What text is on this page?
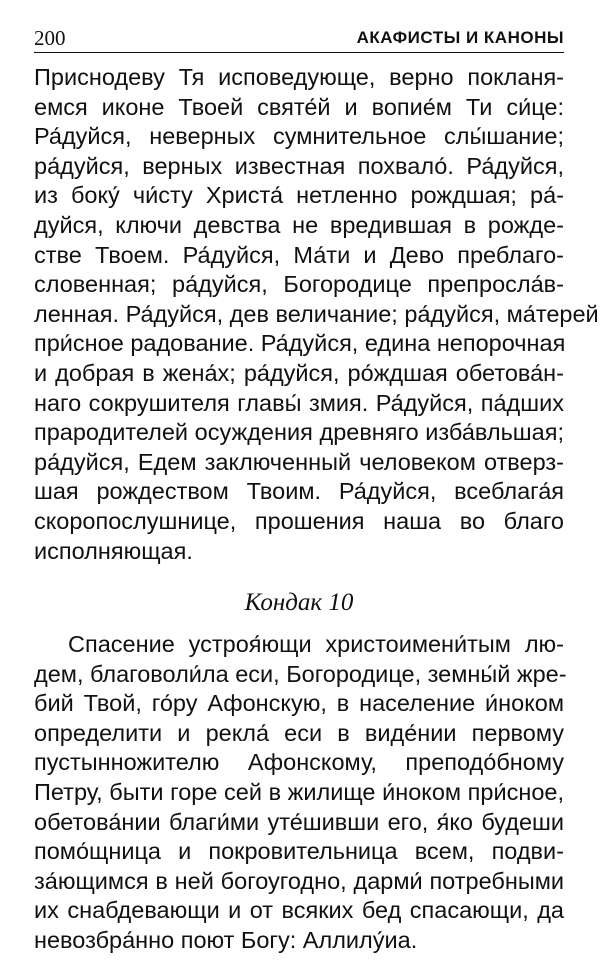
200	АКАФИСТЫ И КАНОНЫ
Приснодеву Тя исповедующе, верно покланя-
емся иконе Твоей святе́й и вопие́м Ти си́це:
Ра́дуйся, неверных сумнительное слы́шание;
ра́дуйся, верных известная похвало́. Ра́дуйся,
из боку́ чи́сту Христа́ нетленно рождшая; ра́-
дуйся, ключи девства не вредившая в рожде-
стве Твоем. Ра́дуйся, Ма́ти и Дево преблаго-
словенная; ра́дуйся, Богородице препросла́в-
ленная. Ра́дуйся, дев величание; ра́дуйся, ма́терей
при́сное радование. Ра́дуйся, едина непорочная
и добрая в жена́х; ра́дуйся, ро́ждшая обетова́н-
наго сокрушителя главы́ змия. Ра́дуйся, па́дших
прародителей осуждения древняго изба́вльшая;
ра́дуйся, Едем заключенный человеком отверз-
шая рождеством Твоим. Ра́дуйся, всеблага́я
скоропослушнице, прошения наша во благо
исполняющая.
Кондак 10
Спасение устроя́ющи христоимени́тым лю-
дем, благоволи́ла еси, Богородице, земны́й жре-
бий Твой, го́ру Афонскую, в население и́ноком
определити и рекла́ еси в виде́нии первому
пустынножителю Афонскому, преподо́бному
Петру, быти горе сей в жилище и́ноком при́сное,
обетова́нии благи́ми уте́шивши его, я́ко будеши
помо́щница и покровительница всем, подви-
за́ющимся в ней богоугодно, дарми́ потребными
их снабдевающи и от всяких бед спасающи, да
невозбра́нно поют Богу: Аллилу́иа.
